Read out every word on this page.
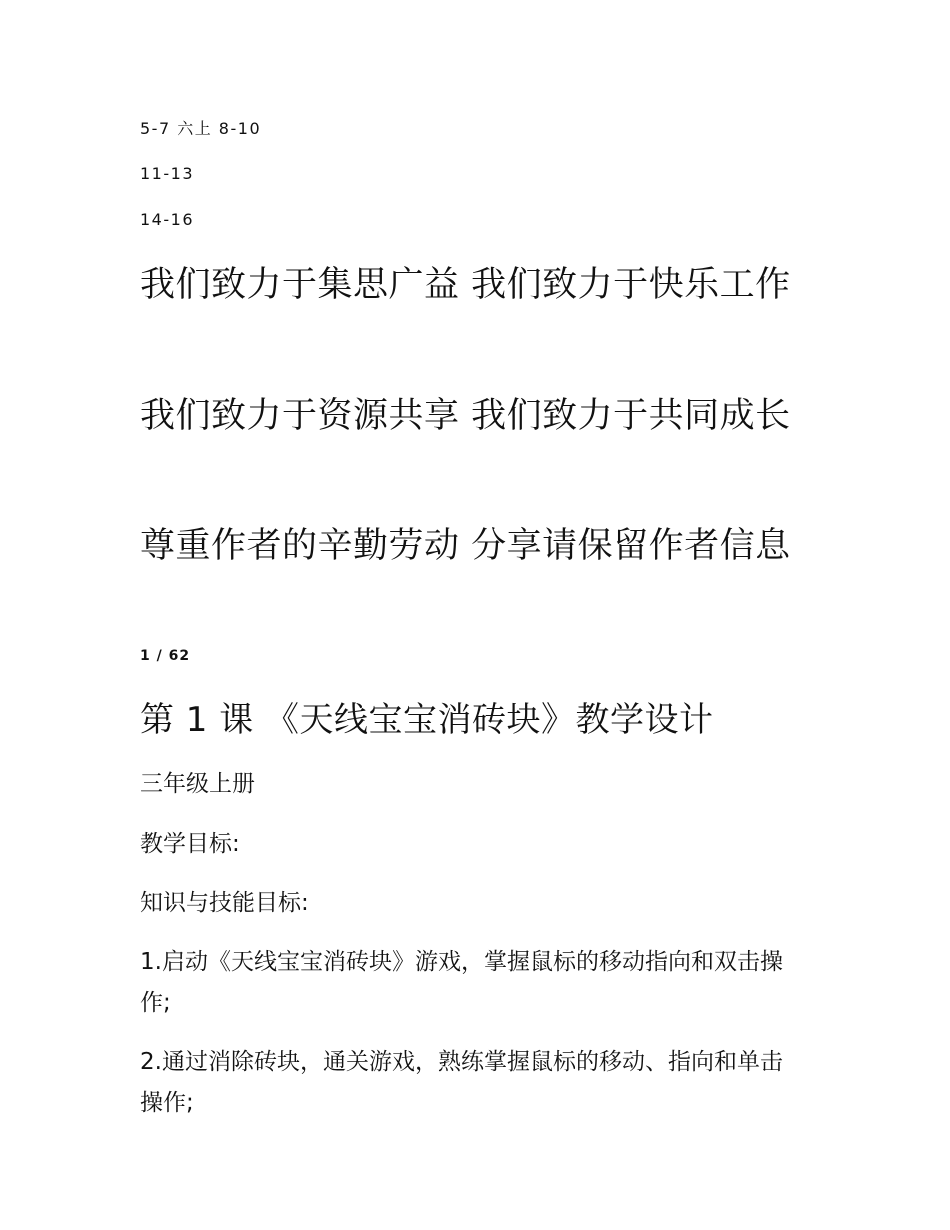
5-7 六上 8-10
11-13
14-16
我们致力于集思广益 我们致力于快乐工作
我们致力于资源共享 我们致力于共同成长
尊重作者的辛勤劳动 分享请保留作者信息
1 / 62
第 1 课 《天线宝宝消砖块》教学设计
三年级上册
教学目标:
知识与技能目标:
1.启动《天线宝宝消砖块》游戏，掌握鼠标的移动指向和双击操作;
2.通过消除砖块，通关游戏，熟练掌握鼠标的移动、指向和单击操作;
